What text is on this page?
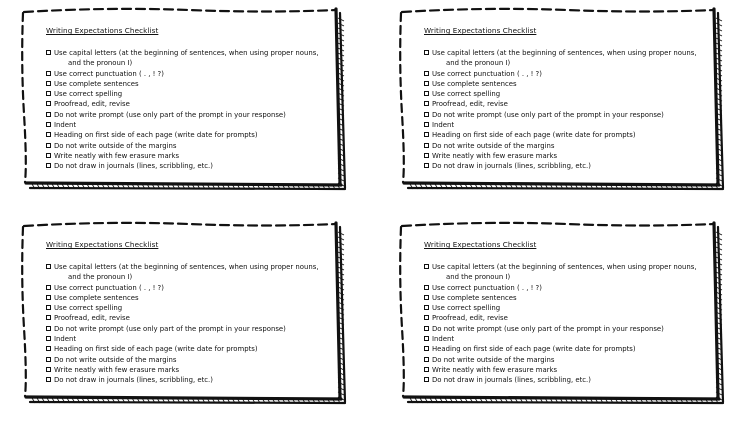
Writing Expectations Checklist
Use capital letters (at the beginning of sentences, when using proper nouns,
and the pronoun I)
Use correct punctuation ( . , ! ?)
Use complete sentences
Use correct spelling
Proofread, edit, revise
Do not write prompt (use only part of the prompt in your response)
Indent
Heading on first side of each page (write date for prompts)
Do not write outside of the margins
Write neatly with few erasure marks
Do not draw in journals (lines, scribbling, etc.)
Writing Expectations Checklist
Use capital letters (at the beginning of sentences, when using proper nouns,
and the pronoun I)
Use correct punctuation ( . , ! ?)
Use complete sentences
Use correct spelling
Proofread, edit, revise
Do not write prompt (use only part of the prompt in your response)
Indent
Heading on first side of each page (write date for prompts)
Do not write outside of the margins
Write neatly with few erasure marks
Do not draw in journals (lines, scribbling, etc.)
Writing Expectations Checklist
Use capital letters (at the beginning of sentences, when using proper nouns,
and the pronoun I)
Use correct punctuation ( . , ! ?)
Use complete sentences
Use correct spelling
Proofread, edit, revise
Do not write prompt (use only part of the prompt in your response)
Indent
Heading on first side of each page (write date for prompts)
Do not write outside of the margins
Write neatly with few erasure marks
Do not draw in journals (lines, scribbling, etc.)
Writing Expectations Checklist
Use capital letters (at the beginning of sentences, when using proper nouns,
and the pronoun I)
Use correct punctuation ( . , ! ?)
Use complete sentences
Use correct spelling
Proofread, edit, revise
Do not write prompt (use only part of the prompt in your response)
Indent
Heading on first side of each page (write date for prompts)
Do not write outside of the margins
Write neatly with few erasure marks
Do not draw in journals (lines, scribbling, etc.)
